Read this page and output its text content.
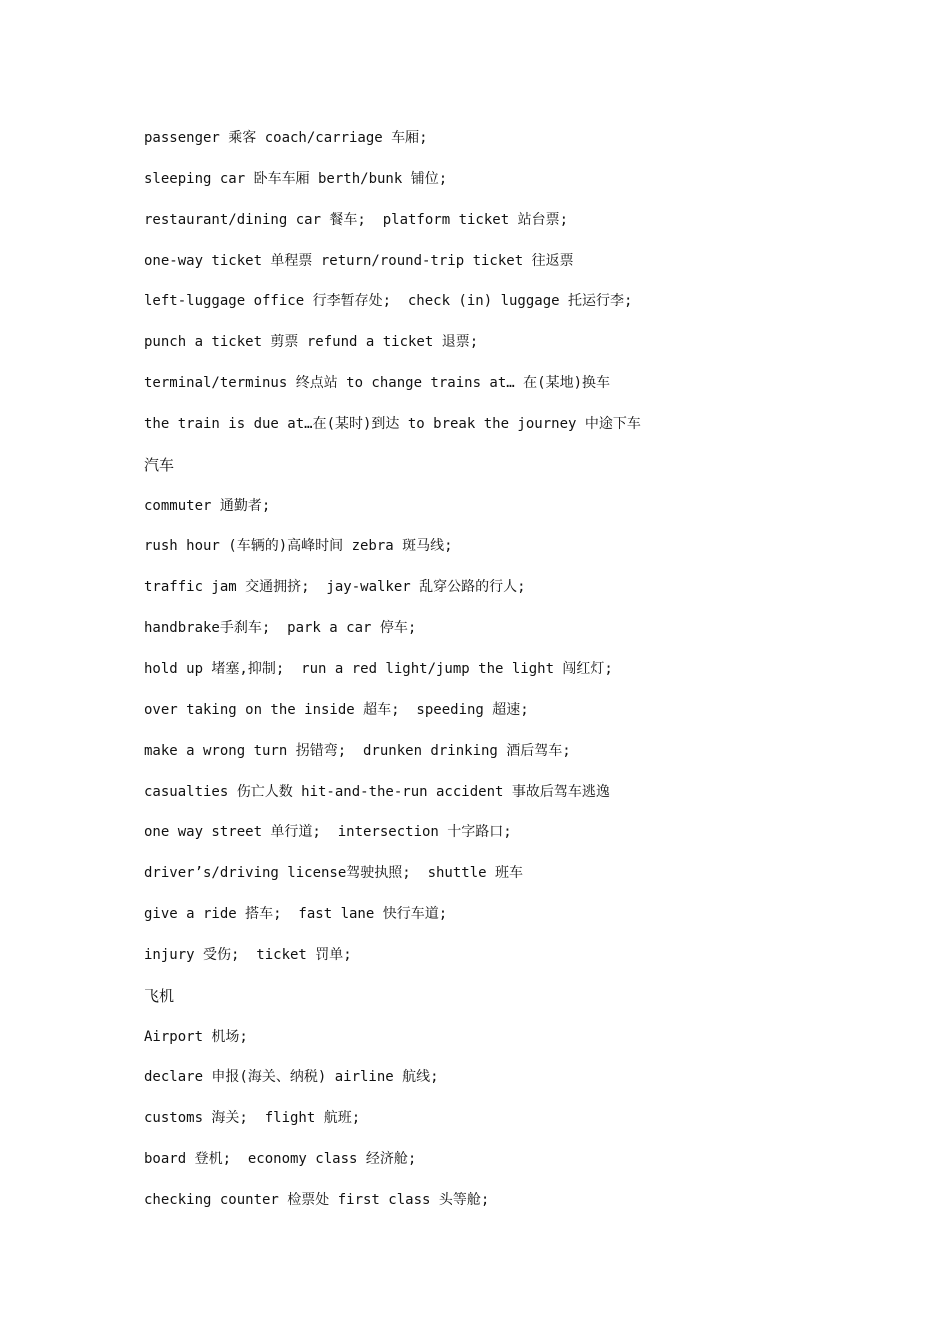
passenger 乘客 coach/carriage 车厢;
sleeping car 卧车车厢 berth/bunk 铺位;
restaurant/dining car 餐车;  platform ticket 站台票;
one-way ticket 单程票 return/round-trip ticket 往返票
left-luggage office 行李暂存处;  check (in) luggage 托运行李;
punch a ticket 剪票 refund a ticket 退票;
terminal/terminus 终点站 to change trains at… 在(某地)换车
the train is due at…在(某时)到达 to break the journey 中途下车
汽车
commuter 通勤者;
rush hour (车辆的)高峰时间 zebra 斑马线;
traffic jam 交通拥挤;  jay-walker 乱穿公路的行人;
handbrake手刹车;  park a car 停车;
hold up 堵塞,抑制;  run a red light/jump the light 闯红灯;
over taking on the inside 超车;  speeding 超速;
make a wrong turn 拐错弯;  drunken drinking 酒后驾车;
casualties 伤亡人数 hit-and-the-run accident 事故后驾车逃逸
one way street 单行道;  intersection 十字路口;
driver’s/driving license驾驶执照;  shuttle 班车
give a ride 搭车;  fast lane 快行车道;
injury 受伤;  ticket 罚单;
飞机
Airport 机场;
declare 申报(海关、纳税) airline 航线;
customs 海关;  flight 航班;
board 登机;  economy class 经济舱;
checking counter 检票处 first class 头等舱;
